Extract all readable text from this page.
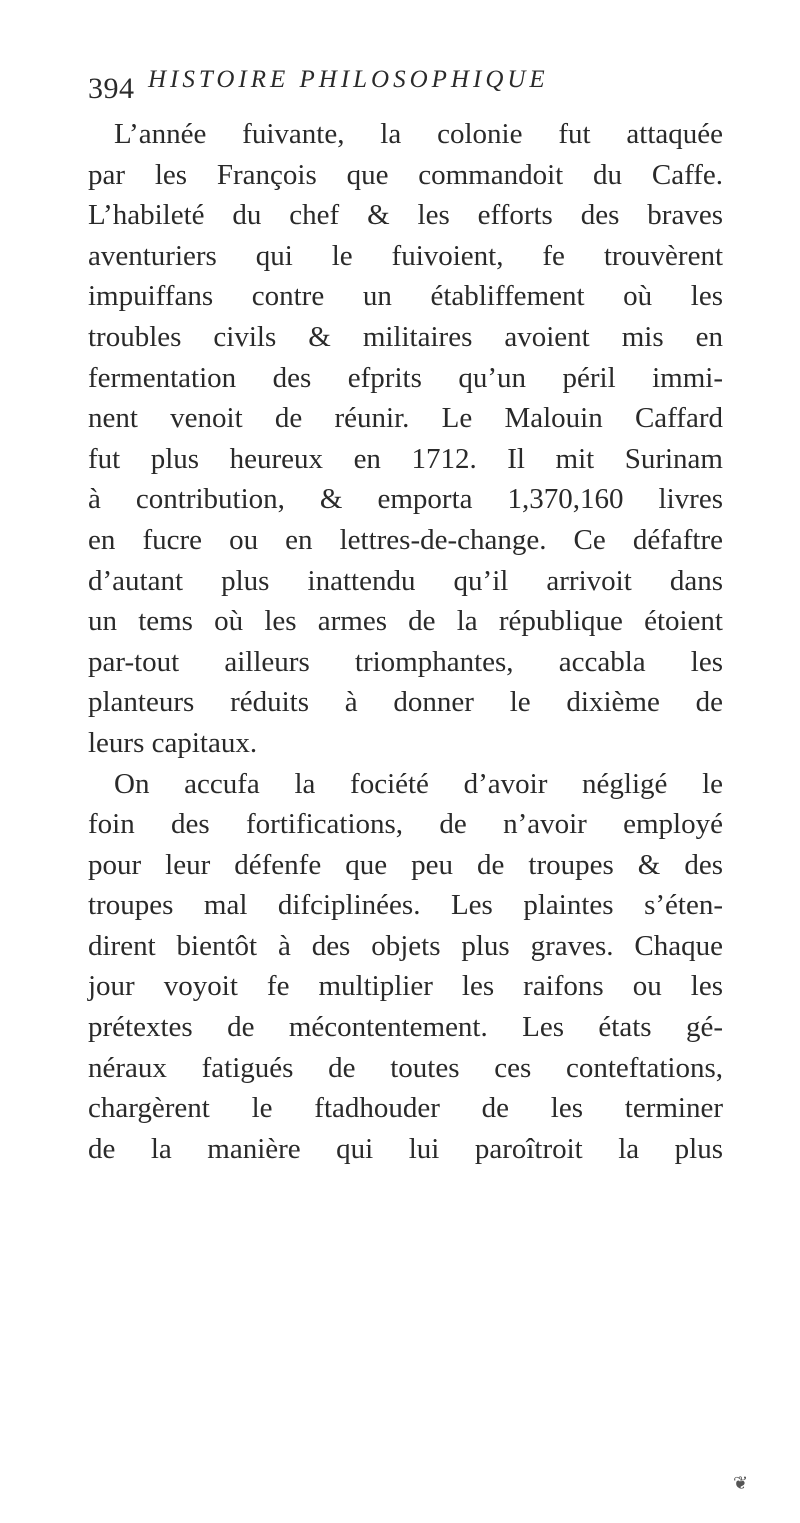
394 HISTOIRE PHILOSOPHIQUE
L’année fuivante, la colonie fut attaquée
par les François que commandoit du Caffe.
L’habileté du chef & les efforts des braves
aventuriers qui le fuivoient, fe trouvèrent
impuiffans contre un établiffement où les
troubles civils & militaires avoient mis en
fermentation des efprits qu’un péril immi-
nent venoit de réunir. Le Malouin Caffard
fut plus heureux en 1712. Il mit Surinam
à contribution, & emporta 1,370,160 livres
en fucre ou en lettres-de-change. Ce défaftre
d’autant plus inattendu qu’il arrivoit dans
un tems où les armes de la république étoient
par-tout ailleurs triomphantes, accabla les
planteurs réduits à donner le dixième de
leurs capitaux.
On accufa la fociété d’avoir négligé le
foin des fortifications, de n’avoir employé
pour leur défenfe que peu de troupes & des
troupes mal difciplinées. Les plaintes s’éten-
dirent bientôt à des objets plus graves. Chaque
jour voyoit fe multiplier les raifons ou les
prétextes de mécontentement. Les états gé-
néraux fatigués de toutes ces conteftations,
chargèrent le ftadhouder de les terminer
de la manière qui lui paroîtroit la plus
❦
